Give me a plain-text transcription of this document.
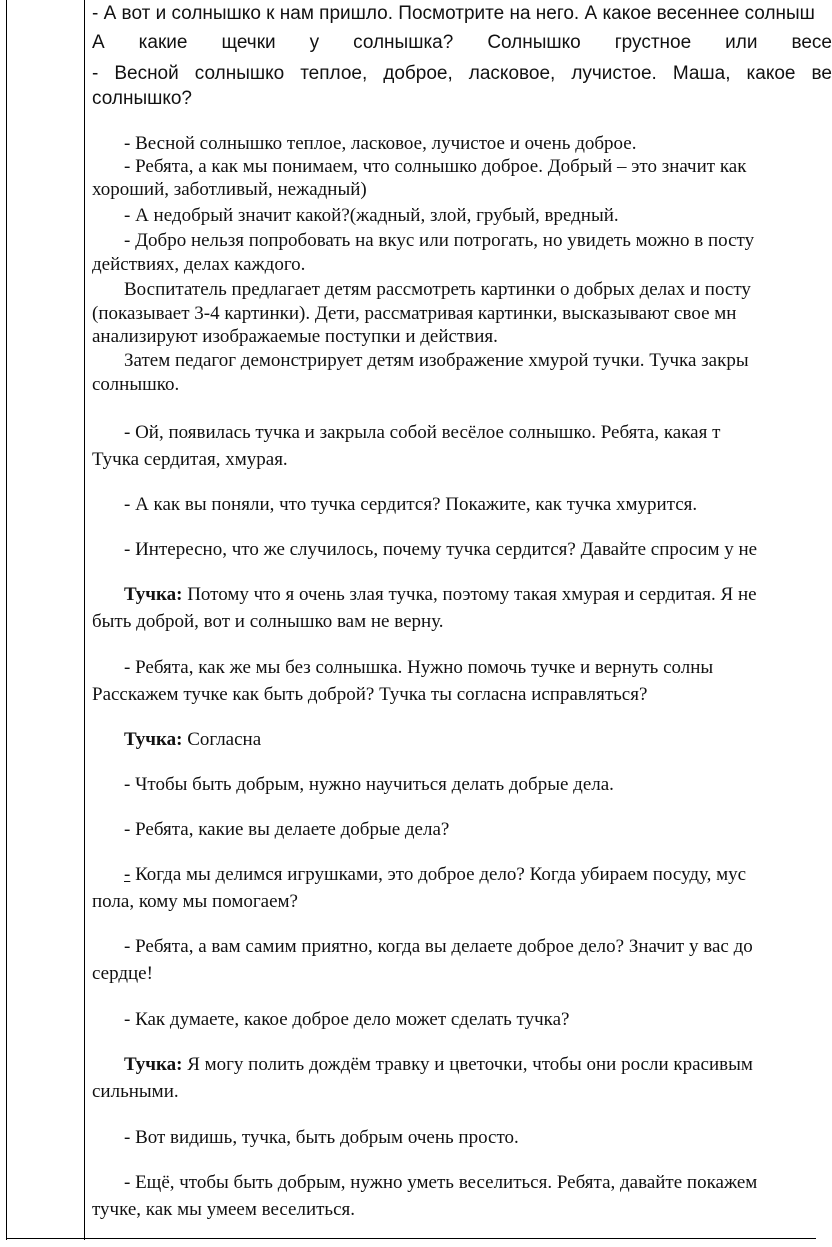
- А вот и солнышко к нам пришло. Посмотрите на него. А какое весеннее солныш
А какие щечки у солнышка? Солнышко грустное или весе
- Весной солнышко теплое, доброе, ласковое, лучистое. Маша, какое ве
солнышко?
- Весной солнышко теплое, ласковое, лучистое и очень доброе.
- Ребята, а как мы понимаем, что солнышко доброе. Добрый – это значит как
хороший, заботливый, нежадный)
- А недобрый значит какой?(жадный, злой, грубый, вредный.
- Добро нельзя попробовать на вкус или потрогать, но увидеть можно в посту
действиях, делах каждого.
Воспитатель предлагает детям рассмотреть картинки о добрых делах и посту
(показывает 3-4 картинки). Дети, рассматривая картинки, высказывают свое мн
анализируют изображаемые поступки и действия.
Затем педагог демонстрирует детям изображение хмурой тучки. Тучка закры
солнышко.
- Ой, появилась тучка и закрыла собой весёлое солнышко. Ребята, какая т
Тучка сердитая, хмурая.
- А как вы поняли, что тучка сердится? Покажите, как тучка хмурится.
- Интересно, что же случилось, почему тучка сердится? Давайте спросим у не
Тучка: Потому что я очень злая тучка, поэтому такая хмурая и сердитая. Я не
быть доброй, вот и солнышко вам не верну.
- Ребята, как же мы без солнышка. Нужно помочь тучке и вернуть солны
Расскажем тучке как быть доброй? Тучка ты согласна исправляться?
Тучка: Согласна
- Чтобы быть добрым, нужно научиться делать добрые дела.
- Ребята, какие вы делаете добрые дела?
- Когда мы делимся игрушками, это доброе дело? Когда убираем посуду, мус
пола, кому мы помогаем?
- Ребята, а вам самим приятно, когда вы делаете доброе дело? Значит у вас до
сердце!
- Как думаете, какое доброе дело может сделать тучка?
Тучка: Я могу полить дождём травку и цветочки, чтобы они росли красивым
сильными.
- Вот видишь, тучка, быть добрым очень просто.
- Ещё, чтобы быть добрым, нужно уметь веселиться. Ребята, давайте покажем
тучке, как мы умеем веселиться.
